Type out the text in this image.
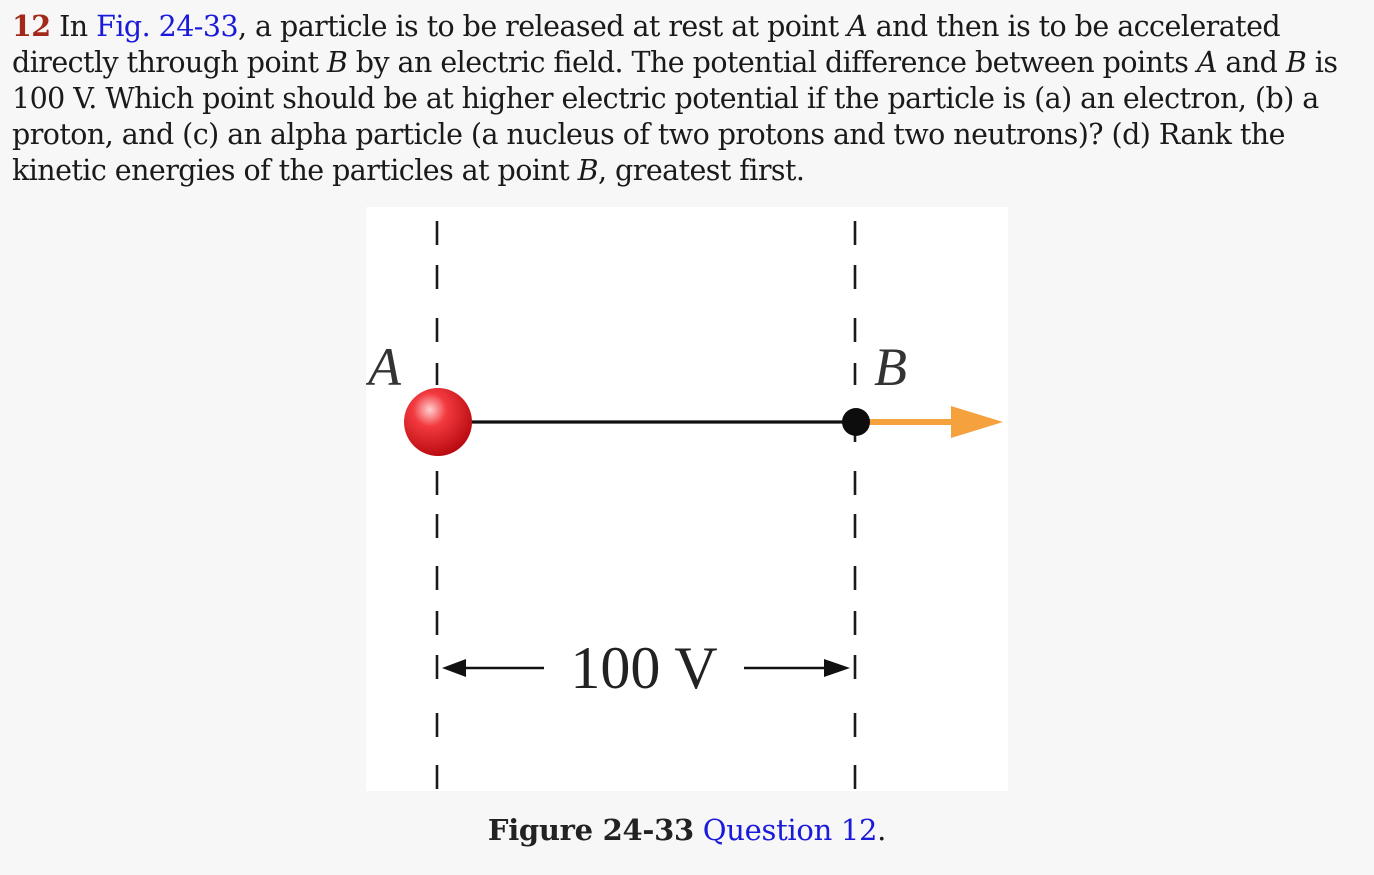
12 In Fig. 24-33, a particle is to be released at rest at point A and then is to be accelerated directly through point B by an electric field. The potential difference between points A and B is 100 V. Which point should be at higher electric potential if the particle is (a) an electron, (b) a proton, and (c) an alpha particle (a nucleus of two protons and two neutrons)? (d) Rank the kinetic energies of the particles at point B, greatest first.
A	B
100 V
Figure 24-33 Question 12.
